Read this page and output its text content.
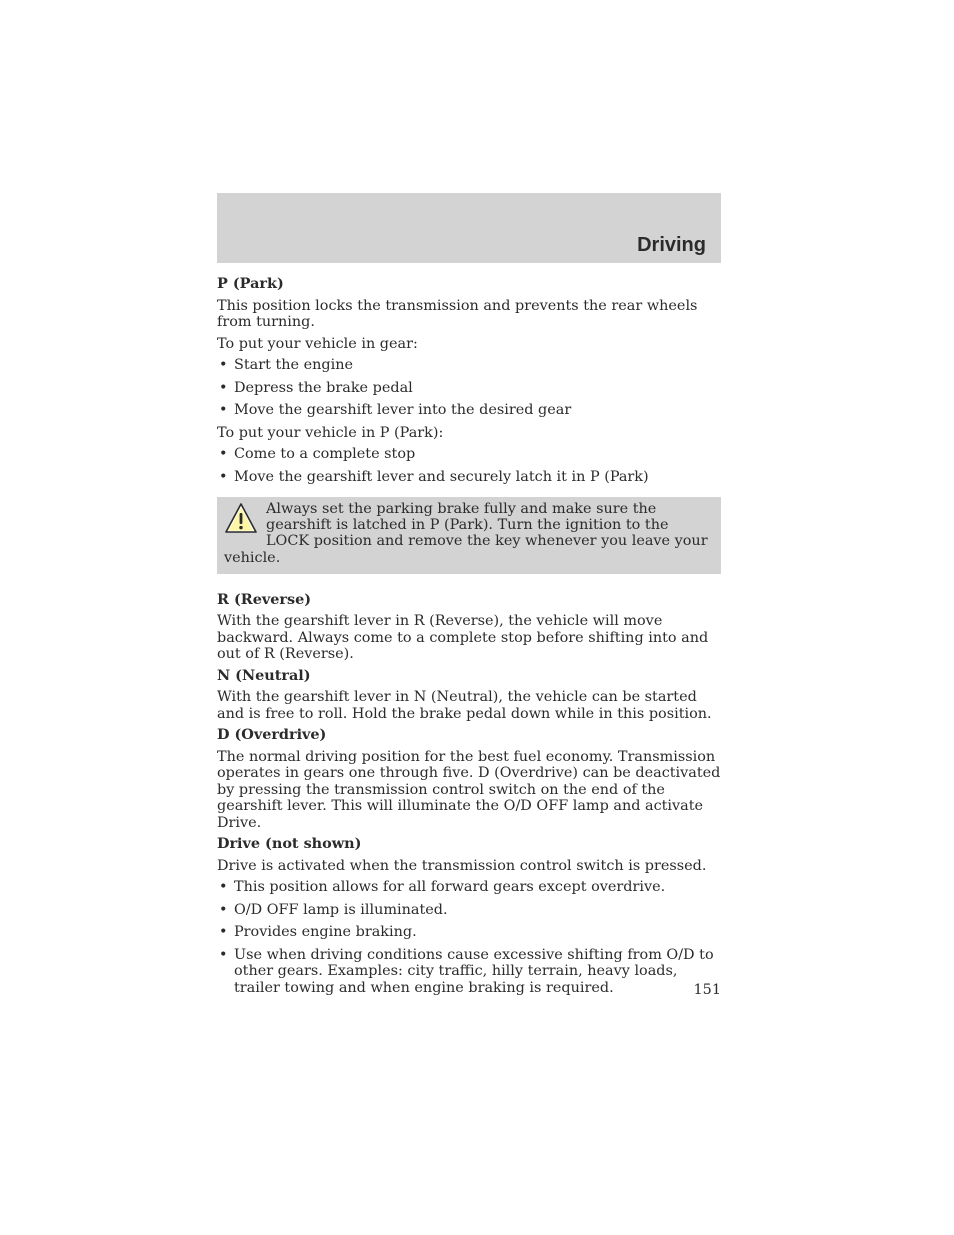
Driving
P (Park)

This position locks the transmission and prevents the rear wheels from turning.

To put your vehicle in gear:

• Start the engine
• Depress the brake pedal
• Move the gearshift lever into the desired gear

To put your vehicle in P (Park):

• Come to a complete stop
• Move the gearshift lever and securely latch it in P (Park)
Always set the parking brake fully and make sure the gearshift is latched in P (Park). Turn the ignition to the LOCK position and remove the key whenever you leave your vehicle.
R (Reverse)

With the gearshift lever in R (Reverse), the vehicle will move backward. Always come to a complete stop before shifting into and out of R (Reverse).

N (Neutral)

With the gearshift lever in N (Neutral), the vehicle can be started and is free to roll. Hold the brake pedal down while in this position.

D (Overdrive)

The normal driving position for the best fuel economy. Transmission operates in gears one through five. D (Overdrive) can be deactivated by pressing the transmission control switch on the end of the gearshift lever. This will illuminate the O/D OFF lamp and activate Drive.

Drive (not shown)

Drive is activated when the transmission control switch is pressed.

• This position allows for all forward gears except overdrive.
• O/D OFF lamp is illuminated.
• Provides engine braking.
• Use when driving conditions cause excessive shifting from O/D to other gears. Examples: city traffic, hilly terrain, heavy loads, trailer towing and when engine braking is required.	151
